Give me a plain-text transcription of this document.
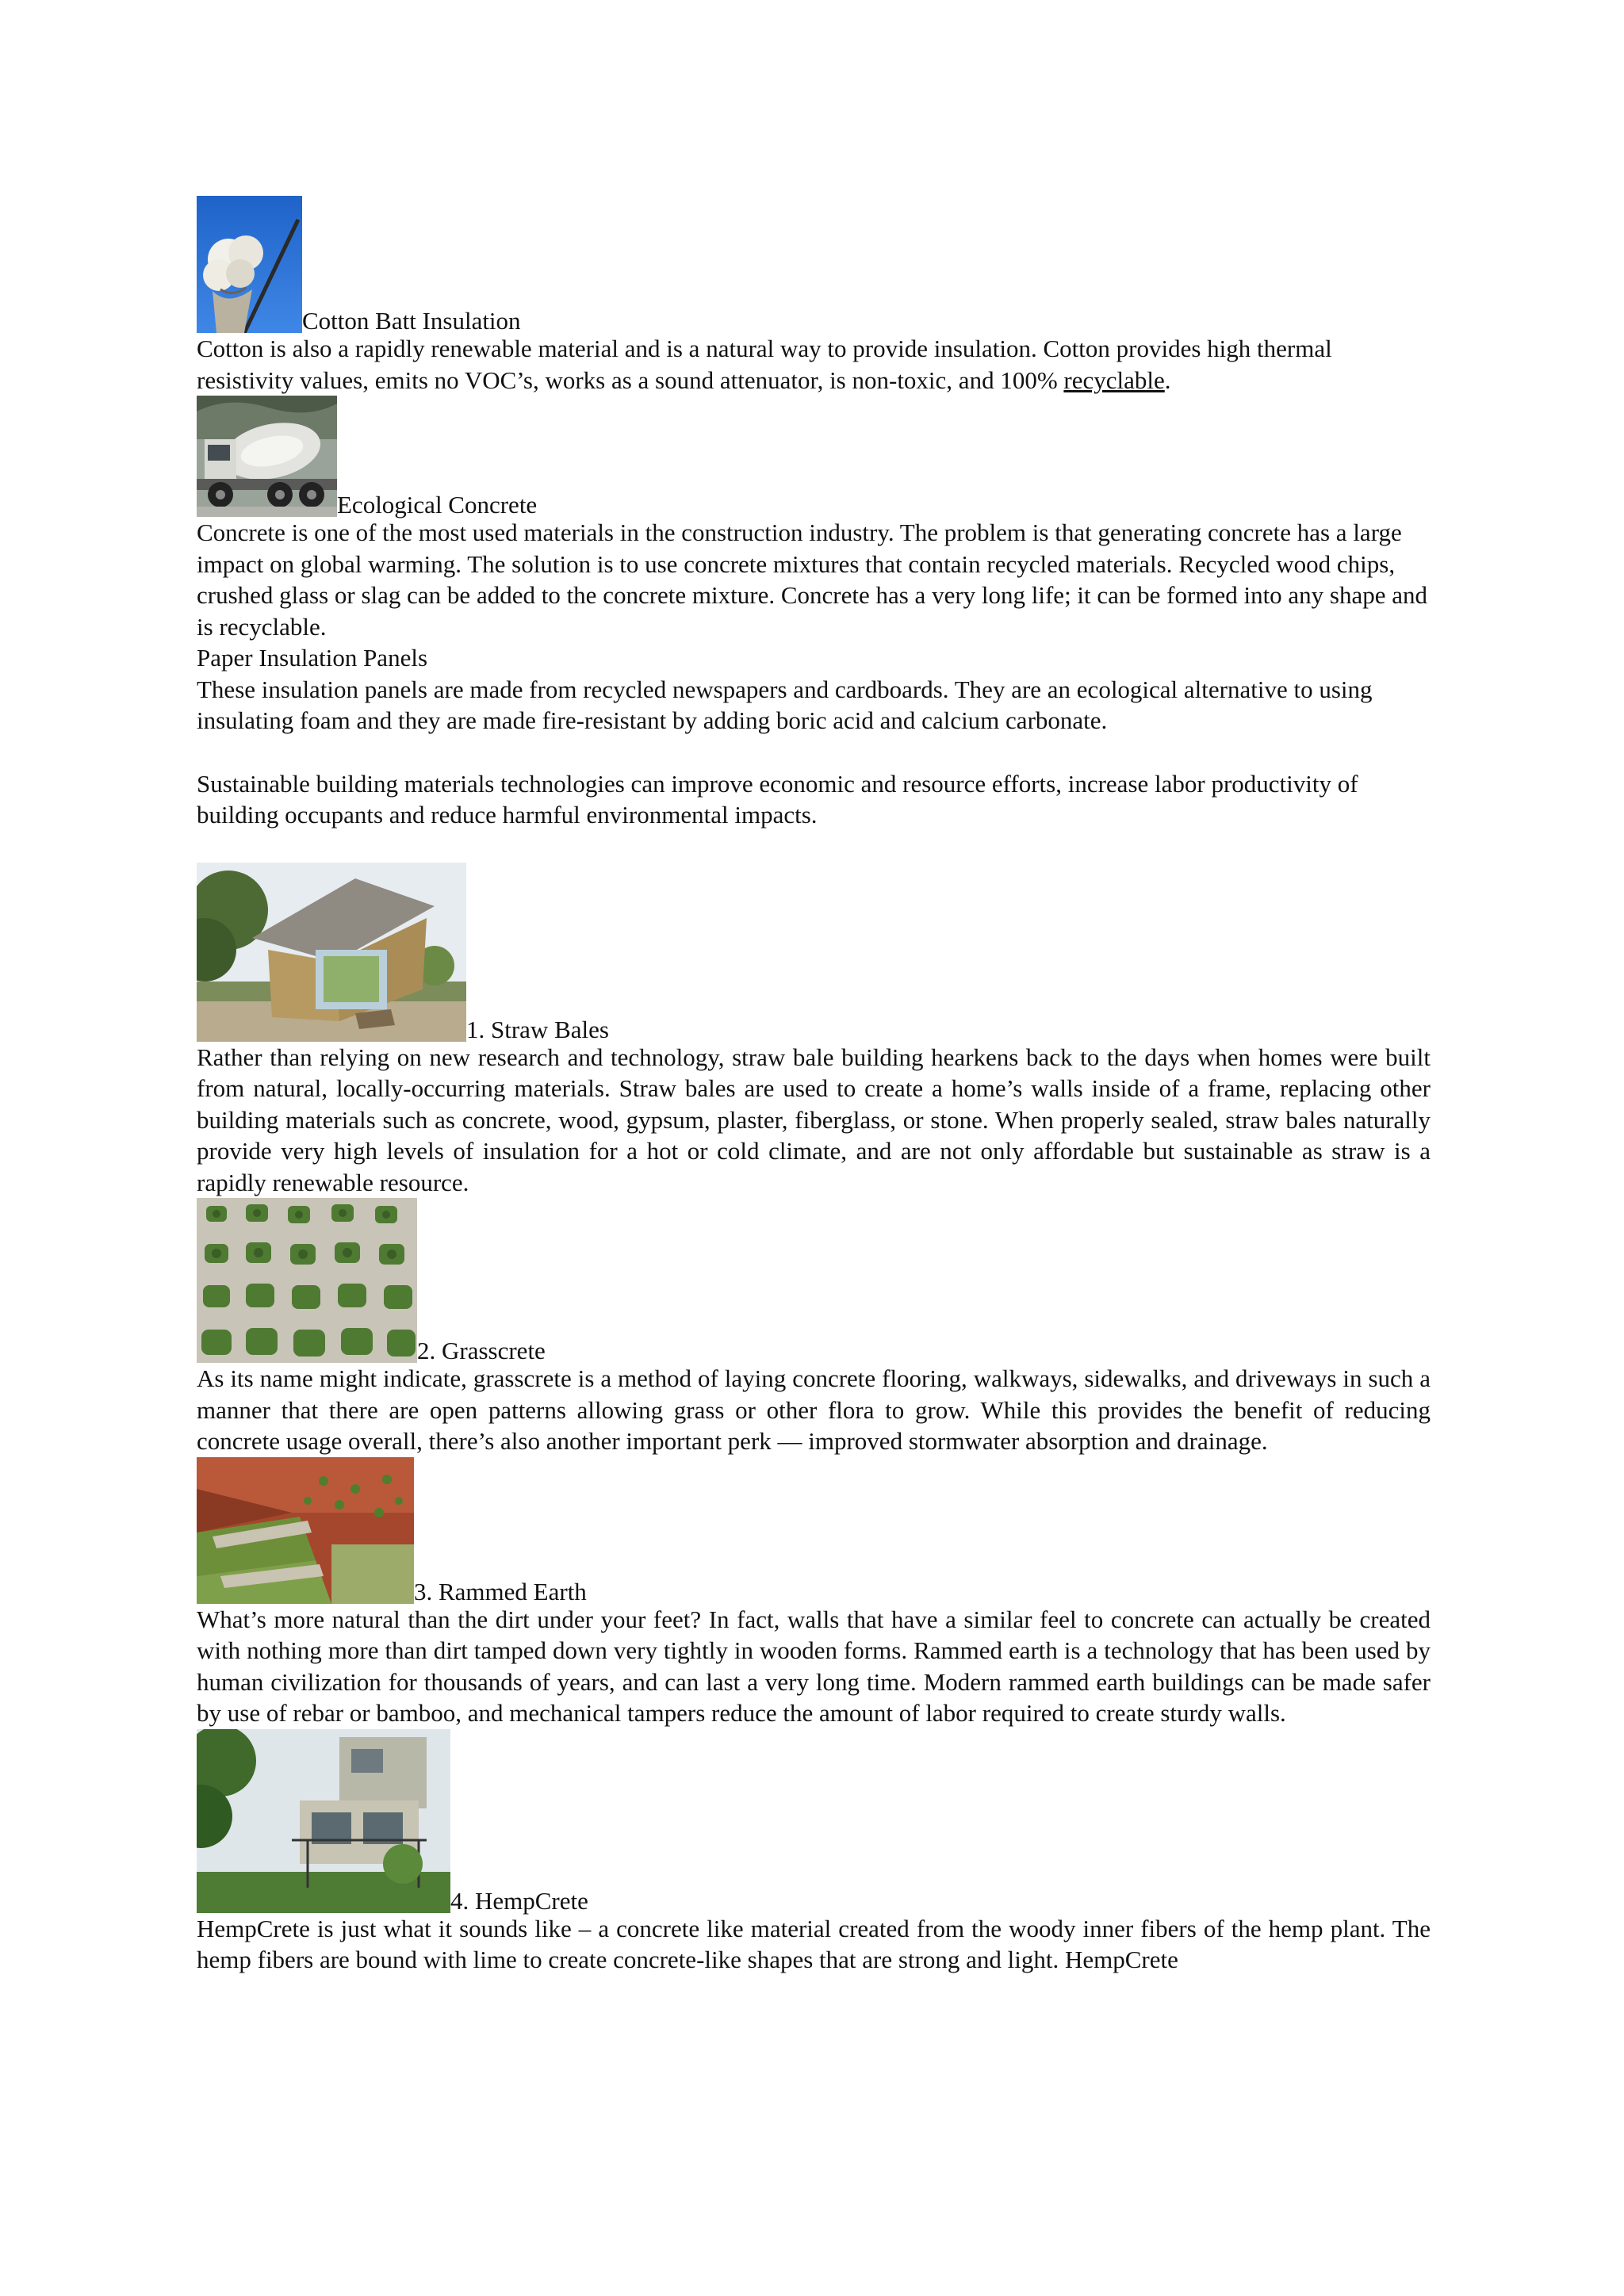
Cotton Batt Insulation

Cotton is also a rapidly renewable material and is a natural way to provide insulation. Cotton provides high thermal resistivity values, emits no VOC’s, works as a sound attenuator, is non-toxic, and 100% recyclable.

Ecological Concrete

Concrete is one of the most used materials in the construction industry. The problem is that generating concrete has a large impact on global warming. The solution is to use concrete mixtures that contain recycled materials. Recycled wood chips, crushed glass or slag can be added to the concrete mixture. Concrete has a very long life; it can be formed into any shape and is recyclable.

Paper Insulation Panels

These insulation panels are made from recycled newspapers and cardboards. They are an ecological alternative to using insulating foam and they are made fire-resistant by adding boric acid and calcium carbonate.

Sustainable building materials technologies can improve economic and resource efforts, increase labor productivity of building occupants and reduce harmful environmental impacts.

1. Straw Bales

Rather than relying on new research and technology, straw bale building hearkens back to the days when homes were built from natural, locally-occurring materials. Straw bales are used to create a home’s walls inside of a frame, replacing other building materials such as concrete, wood, gypsum, plaster, fiberglass, or stone. When properly sealed, straw bales naturally provide very high levels of insulation for a hot or cold climate, and are not only affordable but sustainable as straw is a rapidly renewable resource.

2. Grasscrete

As its name might indicate, grasscrete is a method of laying concrete flooring, walkways, sidewalks, and driveways in such a manner that there are open patterns allowing grass or other flora to grow. While this provides the benefit of reducing concrete usage overall, there’s also another important perk — improved stormwater absorption and drainage.

3. Rammed Earth

What’s more natural than the dirt under your feet? In fact, walls that have a similar feel to concrete can actually be created with nothing more than dirt tamped down very tightly in wooden forms. Rammed earth is a technology that has been used by human civilization for thousands of years, and can last a very long time. Modern rammed earth buildings can be made safer by use of rebar or bamboo, and mechanical tampers reduce the amount of labor required to create sturdy walls.

4. HempCrete

HempCrete is just what it sounds like – a concrete like material created from the woody inner fibers of the hemp plant. The hemp fibers are bound with lime to create concrete-like shapes that are strong and light. HempCrete
